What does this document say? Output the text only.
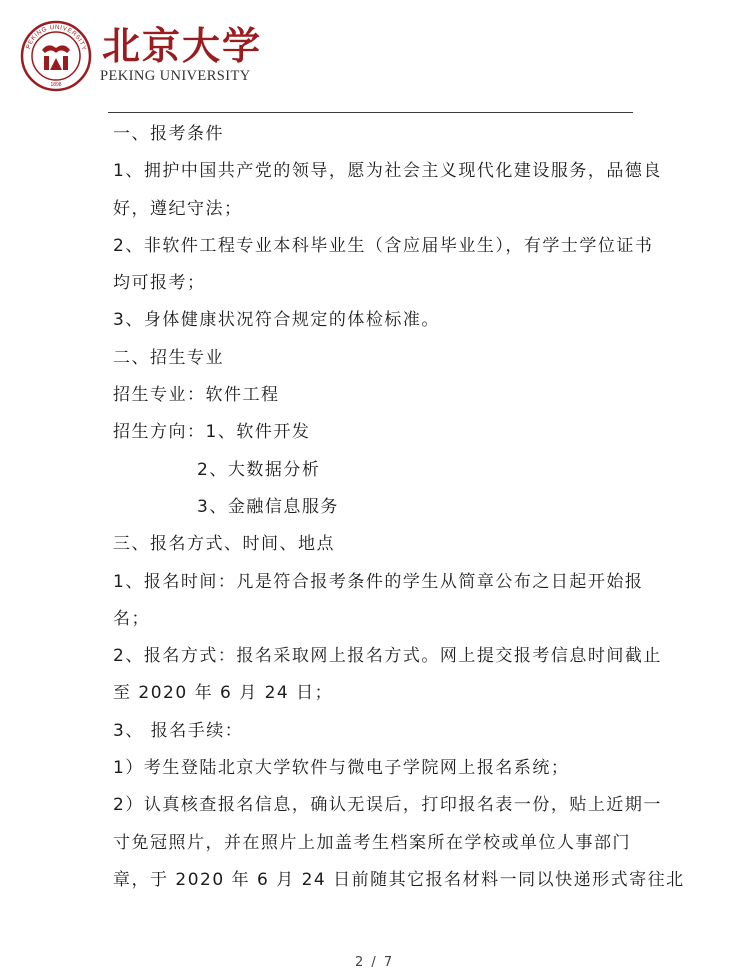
PEKING UNIVERSITY
1898
北京大学
PEKING UNIVERSITY
一、报考条件
1、拥护中国共产党的领导，愿为社会主义现代化建设服务，品德良
好，遵纪守法；
2、非软件工程专业本科毕业生（含应届毕业生），有学士学位证书
均可报考；
3、身体健康状况符合规定的体检标准。
二、招生专业
招生专业：软件工程
招生方向：1、软件开发
2、大数据分析
3、金融信息服务
三、报名方式、时间、地点
1、报名时间：凡是符合报考条件的学生从简章公布之日起开始报
名；
2、报名方式：报名采取网上报名方式。网上提交报考信息时间截止
至 2020 年 6 月 24 日；
3、 报名手续：
1）考生登陆北京大学软件与微电子学院网上报名系统；
2）认真核查报名信息，确认无误后，打印报名表一份，贴上近期一
寸免冠照片，并在照片上加盖考生档案所在学校或单位人事部门
章，于 2020 年 6 月 24 日前随其它报名材料一同以快递形式寄往北
2 / 7
